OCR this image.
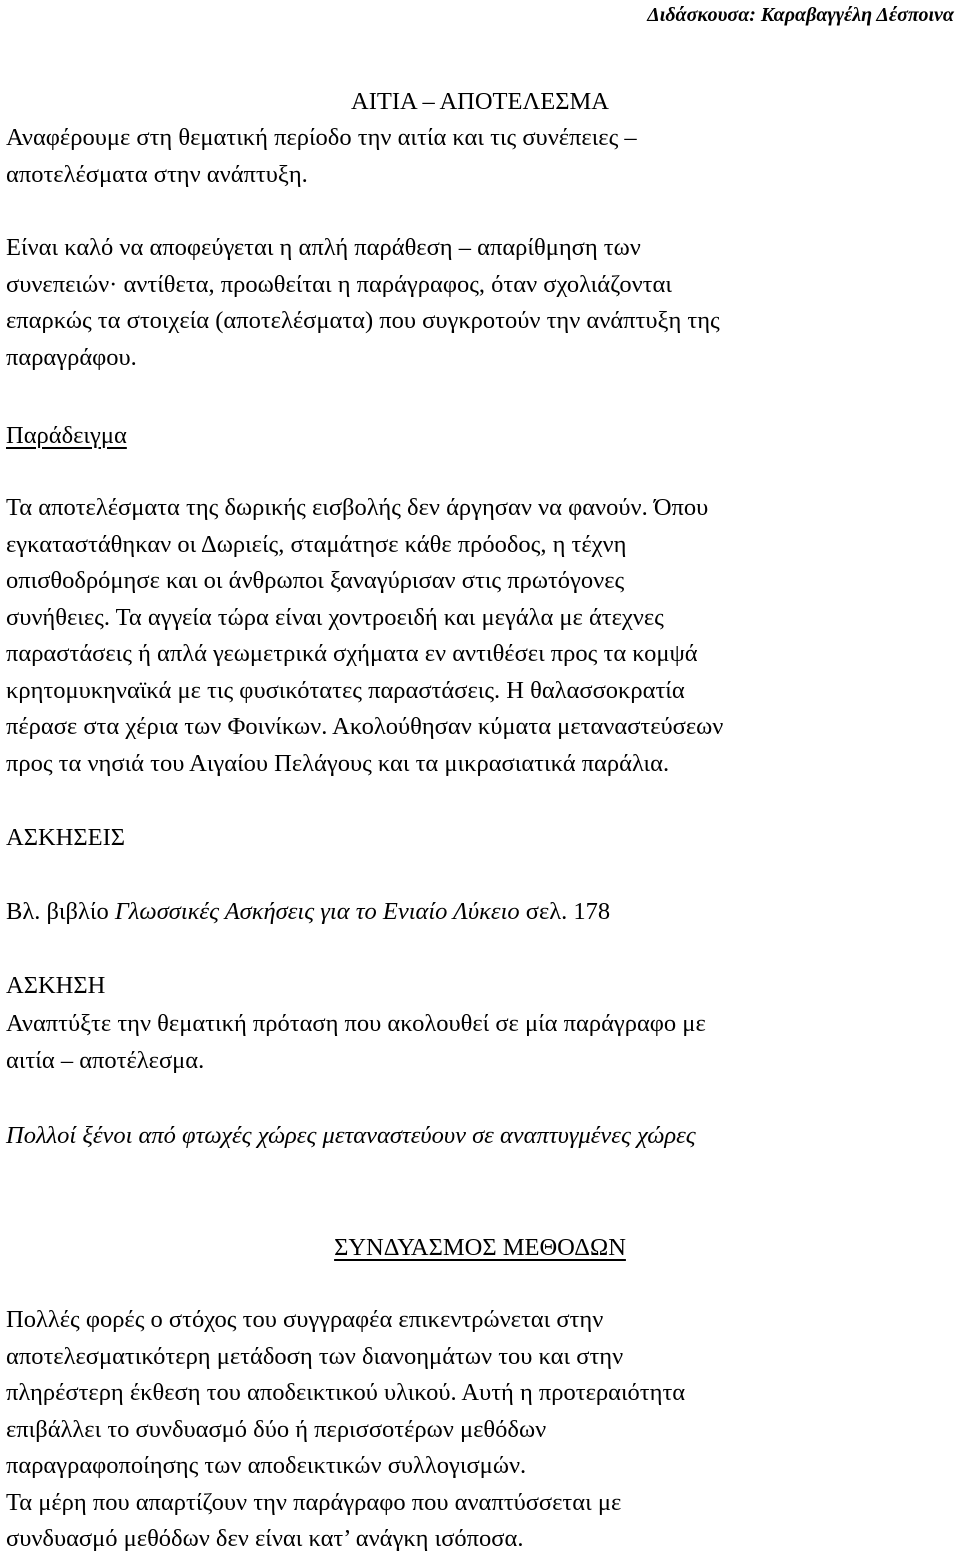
Διδάσκουσα: Καραβαγγέλη Δέσποινα
ΑΙΤΙΑ – ΑΠΟΤΕΛΕΣΜΑ
Αναφέρουμε στη θεματική περίοδο την αιτία και τις συνέπειες –
αποτελέσματα στην ανάπτυξη.
Είναι καλό να αποφεύγεται η απλή παράθεση – απαρίθμηση των
συνεπειών· αντίθετα, προωθείται η παράγραφος, όταν σχολιάζονται
επαρκώς τα στοιχεία (αποτελέσματα) που συγκροτούν την ανάπτυξη της
παραγράφου.
Παράδειγμα
Τα αποτελέσματα της δωρικής εισβολής δεν άργησαν να φανούν. Όπου
εγκαταστάθηκαν οι Δωριείς, σταμάτησε κάθε πρόοδος, η τέχνη
οπισθοδρόμησε και οι άνθρωποι ξαναγύρισαν στις πρωτόγονες
συνήθειες. Τα αγγεία τώρα είναι χοντροειδή και μεγάλα με άτεχνες
παραστάσεις ή απλά γεωμετρικά σχήματα εν αντιθέσει προς τα κομψά
κρητομυκηναϊκά με τις φυσικότατες παραστάσεις. Η θαλασσοκρατία
πέρασε στα χέρια των Φοινίκων. Ακολούθησαν κύματα μεταναστεύσεων
προς τα νησιά του Αιγαίου Πελάγους και τα μικρασιατικά παράλια.
ΑΣΚΗΣΕΙΣ
Βλ. βιβλίο Γλωσσικές Ασκήσεις για το Ενιαίο Λύκειο σελ. 178
ΑΣΚΗΣΗ
Αναπτύξτε την θεματική πρόταση που ακολουθεί σε μία παράγραφο με
αιτία – αποτέλεσμα.
Πολλοί ξένοι από φτωχές χώρες μεταναστεύουν σε αναπτυγμένες χώρες
ΣΥΝΔΥΑΣΜΟΣ ΜΕΘΟΔΩΝ
Πολλές φορές ο στόχος του συγγραφέα επικεντρώνεται στην
αποτελεσματικότερη μετάδοση των διανοημάτων του και στην
πληρέστερη έκθεση του αποδεικτικού υλικού. Αυτή η προτεραιότητα
επιβάλλει το συνδυασμό δύο ή περισσοτέρων μεθόδων
παραγραφοποίησης των αποδεικτικών συλλογισμών.
Τα μέρη που απαρτίζουν την παράγραφο που αναπτύσσεται με
συνδυασμό μεθόδων δεν είναι κατ’ ανάγκη ισόποσα.
